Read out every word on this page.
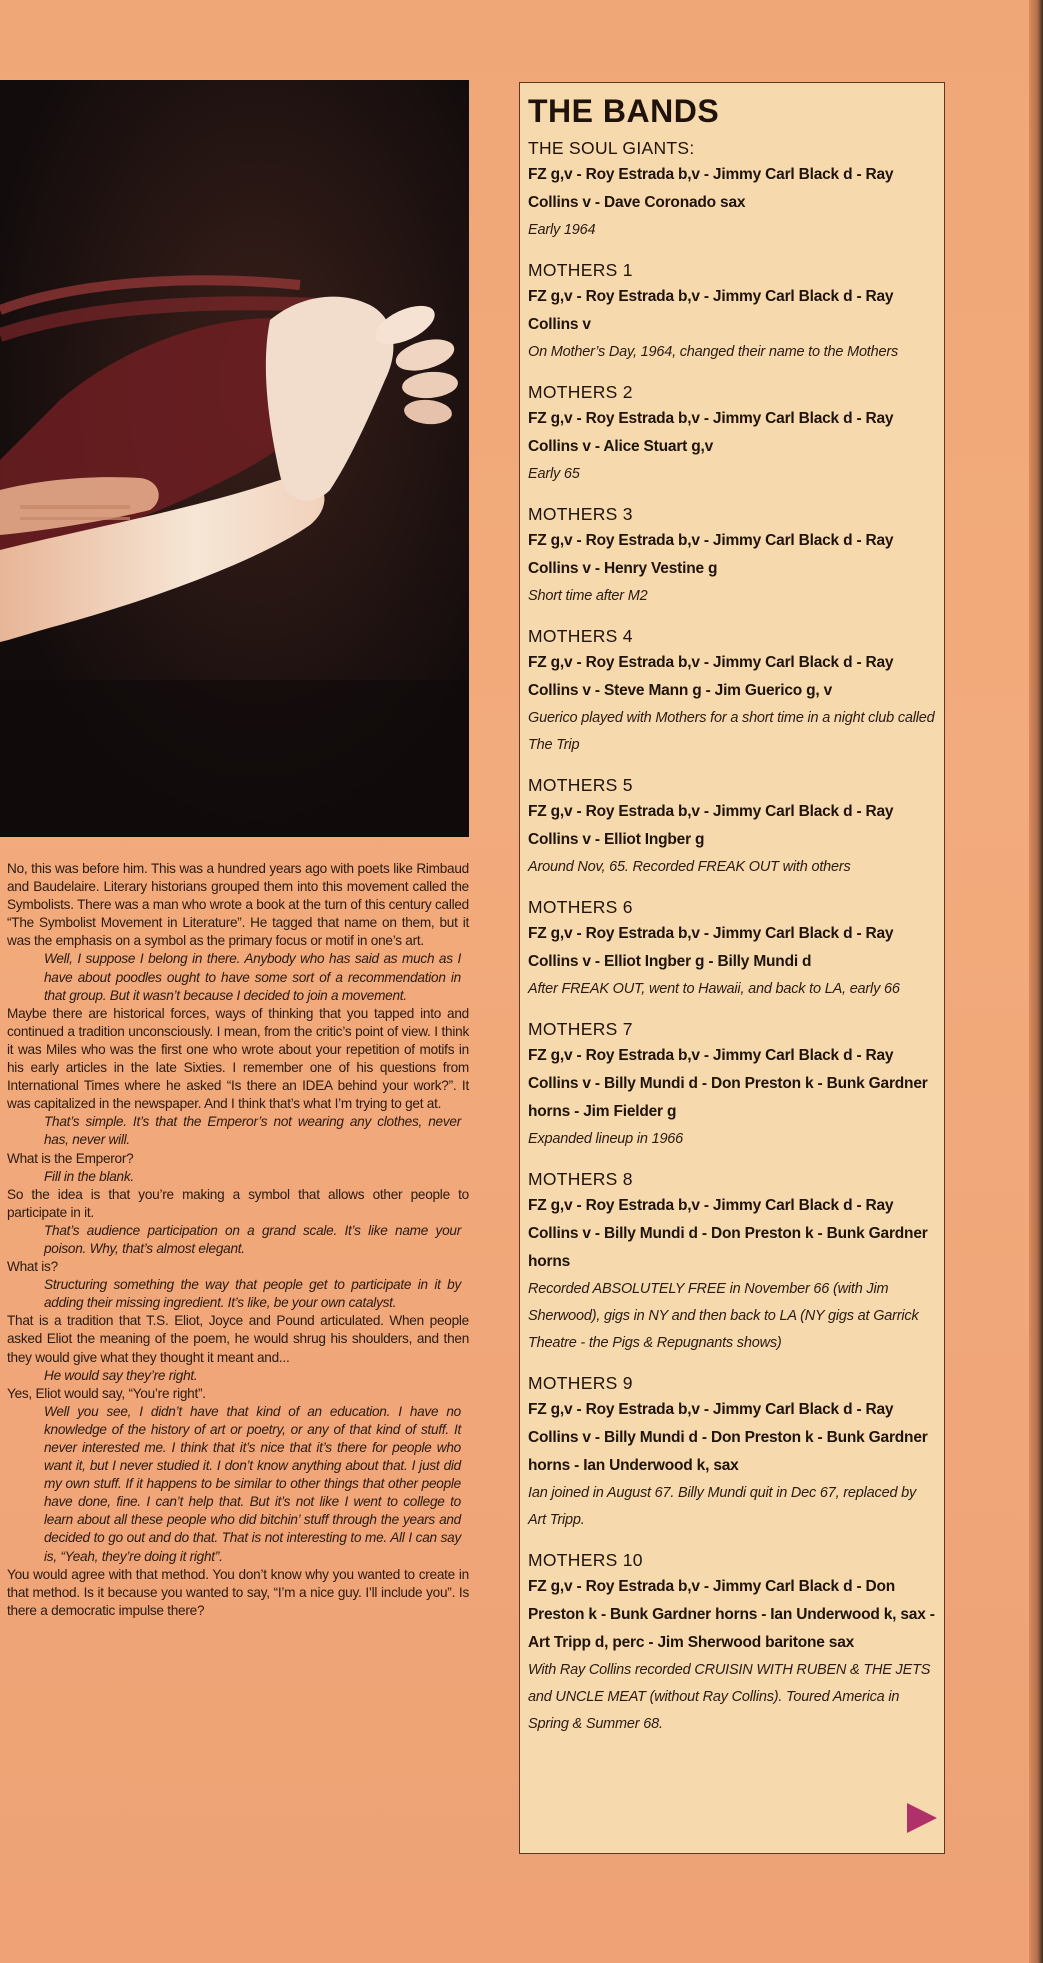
No, this was before him. This was a hundred years ago with poets like Rimbaud and Baudelaire. Literary historians grouped them into this movement called the Symbolists. There was a man who wrote a book at the turn of this century called “The Symbolist Movement in Literature”. He tagged that name on them, but it was the emphasis on a symbol as the primary focus or motif in one’s art.

Well, I suppose I belong in there. Anybody who has said as much as I have about poodles ought to have some sort of a recommendation in that group. But it wasn’t because I decided to join a movement.

Maybe there are historical forces, ways of thinking that you tapped into and continued a tradition unconsciously. I mean, from the critic’s point of view. I think it was Miles who was the first one who wrote about your repetition of motifs in his early articles in the late Sixties. I remember one of his questions from International Times where he asked “Is there an IDEA behind your work?”. It was capitalized in the newspaper. And I think that’s what I’m trying to get at.

That’s simple. It’s that the Emperor’s not wearing any clothes, never has, never will.

What is the Emperor?

Fill in the blank.

So the idea is that you’re making a symbol that allows other people to participate in it.

That’s audience participation on a grand scale. It’s like name your poison. Why, that’s almost elegant.

What is?

Structuring something the way that people get to participate in it by adding their missing ingredient. It’s like, be your own catalyst.

That is a tradition that T.S. Eliot, Joyce and Pound articulated. When people asked Eliot the meaning of the poem, he would shrug his shoulders, and then they would give what they thought it meant and...

He would say they’re right.

Yes, Eliot would say, “You’re right”.

Well you see, I didn’t have that kind of an education. I have no knowledge of the history of art or poetry, or any of that kind of stuff. It never interested me. I think that it’s nice that it’s there for people who want it, but I never studied it. I don’t know anything about that. I just did my own stuff. If it happens to be similar to other things that other people have done, fine. I can’t help that. But it’s not like I went to college to learn about all these people who did bitchin’ stuff through the years and decided to go out and do that. That is not interesting to me. All I can say is, “Yeah, they’re doing it right”.

You would agree with that method. You don’t know why you wanted to create in that method. Is it because you wanted to say, “I’m a nice guy. I’ll include you”. Is there a democratic impulse there?

THE BANDS
THE SOUL GIANTS:
FZ g,v - Roy Estrada b,v - Jimmy Carl Black d - Ray Collins v - Dave Coronado sax
Early 1964
MOTHERS 1
FZ g,v - Roy Estrada b,v - Jimmy Carl Black d - Ray Collins v
On Mother’s Day, 1964, changed their name to the Mothers
MOTHERS 2
FZ g,v - Roy Estrada b,v - Jimmy Carl Black d - Ray Collins v - Alice Stuart g,v
Early 65
MOTHERS 3
FZ g,v - Roy Estrada b,v - Jimmy Carl Black d - Ray Collins v - Henry Vestine g
Short time after M2
MOTHERS 4
FZ g,v - Roy Estrada b,v - Jimmy Carl Black d - Ray Collins v - Steve Mann g - Jim Guerico g, v
Guerico played with Mothers for a short time in a night club called The Trip
MOTHERS 5
FZ g,v - Roy Estrada b,v - Jimmy Carl Black d - Ray Collins v - Elliot Ingber g
Around Nov, 65. Recorded FREAK OUT with others
MOTHERS 6
FZ g,v - Roy Estrada b,v - Jimmy Carl Black d - Ray Collins v - Elliot Ingber g - Billy Mundi d
After FREAK OUT, went to Hawaii, and back to LA, early 66
MOTHERS 7
FZ g,v - Roy Estrada b,v - Jimmy Carl Black d - Ray Collins v - Billy Mundi d - Don Preston k - Bunk Gardner horns - Jim Fielder g
Expanded lineup in 1966
MOTHERS 8
FZ g,v - Roy Estrada b,v - Jimmy Carl Black d - Ray Collins v - Billy Mundi d - Don Preston k - Bunk Gardner horns
Recorded ABSOLUTELY FREE in November 66 (with Jim Sherwood), gigs in NY and then back to LA (NY gigs at Garrick Theatre - the Pigs & Repugnants shows)
MOTHERS 9
FZ g,v - Roy Estrada b,v - Jimmy Carl Black d - Ray Collins v - Billy Mundi d - Don Preston k - Bunk Gardner horns - Ian Underwood k, sax
Ian joined in August 67. Billy Mundi quit in Dec 67, replaced by Art Tripp.
MOTHERS 10
FZ g,v - Roy Estrada b,v - Jimmy Carl Black d - Don Preston k - Bunk Gardner horns - Ian Underwood k, sax - Art Tripp d, perc - Jim Sherwood baritone sax
With Ray Collins recorded CRUISIN WITH RUBEN & THE JETS and UNCLE MEAT (without Ray Collins). Toured America in Spring & Summer 68.
